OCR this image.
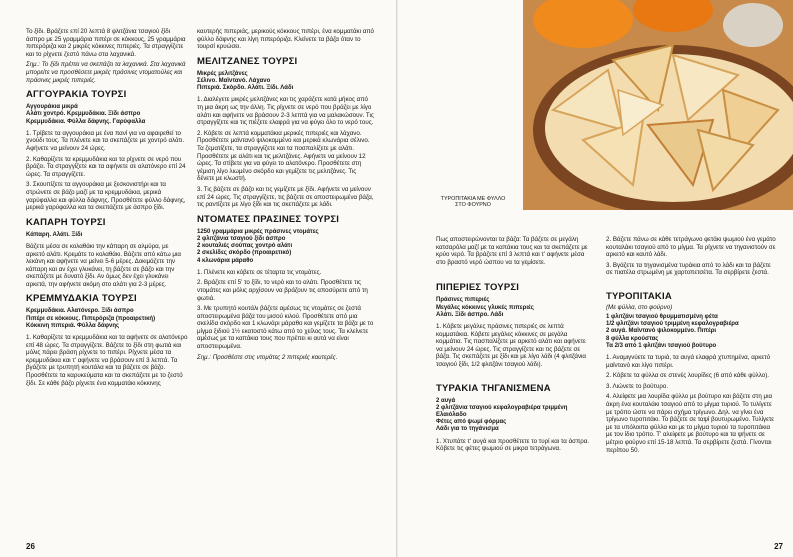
Το ξίδι. Βράζετε επί 20 λεπτά 8 φλιτζάνια τσαγιού ξίδι άσπρο με 25 γραμμάρια πιπέρι σε κόκκους, 25 γραμμάρια πιπερόριζα και 2 μικρές κόκκινες πιπεριές. Τα στραγγίζετε και το ρίχνετε ζεστό πάνω στα λαχανικά.

Σημ.: Το ξίδι πρέπει να σκεπάζει τα λαχανικά. Στα λαχανικά μπορείτε να προσθέσετε μικρές πράσινες ντοματούλες και πράσινες μικρές πιπεριές.

ΑΓΓΟΥΡΑΚΙΑ ΤΟΥΡΣΙ
Αγγουράκια μικρά
Αλάτι χοντρό. Κρεμμυδάκια. Ξίδι άσπρο
Κρεμμυδάκια. Φύλλα δάφνης. Γαρύφαλλα

1. Τρίβετε τα αγγουράκια με ένα πανί για να αφαιρεθεί το χνούδι τους. Τα πλένετε και τα σκεπάζετε με χοντρό αλάτι. Αφήνετε να μείνουν 24 ώρες.

2. Καθαρίζετε τα κρεμμυδάκια και τα ρίχνετε σε νερό που βράζει. Τα στραγγίζετε και τα αφήνετε σε αλατόνερο επί 24 ώρες. Τα στραγγίζετε.

3. Σκουπίζετε τα αγγουράκια με ξεσκονιστήρι και τα στρώνετε σε βάζο μαζί με τα κρεμμυδάκια, μερικά γαρύφαλλα και φύλλα δάφνης. Προσθέτετε φύλλο δάφνης, μερικά γαρύφαλλα και τα σκεπάζετε με άσπρο ξίδι.

ΚΑΠΑΡΗ ΤΟΥΡΣΙ
Κάπαρη. Αλάτι. Ξίδι

Βάζετε μέσα σε κολαθάκι την κάπαρη σε αλμύρα, με αρκετό αλάτι. Κρεμάτε το κολαθάκι. Βάζετε από κάτω μια λεκάνη και αφήνετε να μείνει 5-6 μέρες. Δοκιμάζετε την κάπαρη και αν έχει γλυκάνει, τη βάζετε σε βάζο και την σκεπάζετε με δυνατό ξίδι. Αν όμως δεν έχει γλυκάνει αρκετά, την αφήνετε ακόμη στο αλάτι για 2-3 μέρες.

ΚΡΕΜΜΥΔΑΚΙΑ ΤΟΥΡΣΙ
Κρεμμυδάκια. Αλατόνερο. Ξίδι άσπρο
Πιπέρι σε κόκκους. Πιπερόριζα (προαιρετική)
Κόκκινη πιπεριά. Φύλλα δάφνης

1. Καθαρίζετε τα κρεμμυδάκια και τα αφήνετε σε αλατόνερο επί 48 ώρες. Τα στραγγίζετε. Βάζετε το ξίδι στη φωτιά και μόλις πάρει βράση ρίχνετε το πιπέρι. Ρίχνετε μέσα τα κρεμμυδάκια και τ' αφήνετε να βράσουν επί 3 λεπτά. Τα βγάζετε με τρυπητή κουτάλα και τα βάζετε σε βάζο. Προσθέτετε τα καρυκεύματα και τα σκεπάζετε με το ζεστό ξίδι. Σε κάθε βάζο ρίχνετε ένα κομματάκι κόκκινης

καυτερής πιπεριάς, μερικούς κόκκους πιπέρι, ένα κομματάκι από φύλλο δάφνης και λίγη πιπερόριζα. Κλείνετε τα βάζα όταν το τουρσί κρυώσει.

ΜΕΛΙΤΖΑΝΕΣ ΤΟΥΡΣΙ
Μικρές μελιτζάνες
Σέλινο. Μαϊντανό. Λάχανο
Πιπεριά. Σκόρδο. Αλάτι. Ξίδι. Λάδι

1. Διαλέγετε μικρές μελιτζάνες και τις χαράζετε κατά μήκος από τη μια άκρη ως την άλλη. Τις ρίχνετε σε νερό που βράζει με λίγο αλάτι και αφήνετε να βράσουν 2-3 λεπτά για να μαλακώσουν. Τις στραγγίζετε και τις πιέζετε ελαφρά για να φύγει όλο το νερό τους.

2. Κόβετε σε λεπτά κομματάκια μερικές πιπεριές και λάχανο. Προσθέτετε μαϊντανό ψιλοκομμένο και μερικά κλωνάρια σέλινο. Τα ζεματίζετε, τα στραγγίζετε και τα ποσπαλίζετε με αλάτι. Προσθέτετε με αλάτι και τις μελιτζάνες. Αφήνετε να μείνουν 12 ώρες. Τα στίβετε για να φύγει το αλατόνερο. Προσθέτετε στη γέμιση λίγο λιωμένο σκόρδο και γεμίζετε τις μελιτζάνες. Τις δένετε με κλωστή.

3. Τις βάζετε σε βάζο και τις γεμίζετε με ξίδι. Αφήνετε να μείνουν επί 24 ώρες. Τις στραγγίζετε, τις βάζετε σε αποστειρωμένα βάζα, τις ραντίζετε με λίγο ξίδι και τις σκεπάζετε με λάδι.

ΝΤΟΜΑΤΕΣ ΠΡΑΣΙΝΕΣ ΤΟΥΡΣΙ
1250 γραμμάρια μικρές πράσινες ντομάτες
2 φλιτζάνια τσαγιού ξίδι άσπρο
2 κουταλιές σούπας χοντρό αλάτι
2 σκελίδες σκόρδο (προαιρετικό)
4 κλωνάρια μάραθο

1. Πλένετε και κόβετε σε τέταρτα τις ντομάτες.

2. Βράζετε επί 5' το ξίδι, το νερό και το αλάτι. Προσθέτετε τις ντομάτες και μόλις αρχίσουν να βράζουν τις αποσύρετε από τη φωτιά.

3. Με τρυπητό κουτάλι βάζετε αμέσως τις ντομάτες σε ζεστά αποστειρωμένα βάζα του μισού κιλού. Προσθέτετε από μια σκελίδα σκόρδο και 1 κλωνάρι μάραθο και γεμίζετε τα βάζα με το μίγμα ξιδιού 1½ εκατοστό κάτω από το χείλος τους. Τα κλείνετε αμέσως με τα καπάκια τους που πρέπει κι αυτά να είναι αποστειρωμένα.

Σημ.: Προσθέστε στις ντομάτες 2 πιπεριές καυτερές.

26
ΤΥΡΟΠΙΤΑΚΙΑ ΜΕ ΦΥΛΛΟ
ΣΤΟ ΦΟΥΡΝΟ

Πως αποστειρώνονται τα βάζα: Τα βάζετε σε μεγάλη κατσαρόλα μαζί με τα καπάκια τους και τα σκεπάζετε με κρύο νερό. Τα βράζετε επί 3 λεπτά και τ' αφήνετε μέσα στο βραστό νερό ώσπου να τα γεμίσετε.

ΠΙΠΕΡΙΕΣ ΤΟΥΡΣΙ
Πράσινες πιπεριές
Μεγάλες κόκκινες γλυκές πιπεριές
Αλάτι. Ξίδι άσπρο. Λάδι

1. Κόβετε μεγάλες πράσινες πιπεριές σε λεπτά κομματάκια. Κόβετε μεγάλες κόκκινες σε μεγάλα κομμάτια. Τις πασπαλίζετε με αρκετό αλάτι και αφήνετε να μείνουν 24 ώρες. Τις στραγγίζετε και τις βάζετε σε βάζα. Τις σκεπάζετε με ξίδι και με λίγο λάδι (4 φλιτζάνια τσαγιού ξίδι, 1/2 φλιτζάνι τσαγιού λάδι).

ΤΥΡΑΚΙΑ ΤΗΓΑΝΙΣΜΕΝΑ
2 αυγά
2 φλιτζάνια τσαγιού κεφαλογραβιέρα τριμμένη
Ελαιόλαδο
Φέτες από ψωμί φόρμας
Λάδι για το τηγάνισμα

1. Χτυπάτε τ' αυγά και προσθέτετε το τυρί και τα άσπρα. Κόβετε τις φέτες ψωμιού σε μικρα τετράγωνα.

2. Βάζετε πάνω σε κάθε τετράγωνο φετάκι ψωμιού ένα γεμάτο κουταλάκι τσαγιού από το μίγμα. Τα ρίχνετε να τηγανιστούν σε αρκετό και καυτό λάδι.

3. Βγάζετε τα τηγανισμένα τυράκια από το λάδι και τα βάζετε σε πιατέλα στρωμένη με χαρτοπετσέτα. Τα σερβίρετε ζεστά.

ΤΥΡΟΠΙΤΑΚΙΑ
(Με φύλλα, στο φούρνο)
1 φλιτζάνι τσαγιού θρυμματισμένη φέτα
1/2 φλιτζάνι τσαγιού τριμμένη κεφαλογραβιέρα
2 αυγά. Μαϊντανό ψιλοκομμένο. Πιπέρι
8 φύλλα κρούστας
Τα 2/3 από 1 φλιτζάνι τσαγιού βούτυρο

1. Αναμιγνύετε τα τυριά, τα αυγά ελαφρά χτυπημένα, αρκετό μαϊντανό και λίγο πιπέρι.

2. Κόβετε τα φύλλα σε στενές λουρίδες (6 από κάθε φύλλο).

3. Λιώνετε το βούτυρο.

4. Αλείφετε μια λουρίδα φύλλο με βούτυρο και βάζετε στη μια άκρη ένα κουταλάκι τσαγιού από το μίγμα τυριού. Το τυλίγετε με τρόπο ώστε να πάρει σχήμα τρίγωνο. Δηλ. να γίνει ένα τρίγωνο τυροπιτάκι. Το βάζετε σε ταψί βουτυρωμένο. Τυλίγετε με τα υπόλοιπα φύλλα και με το μίγμα τυριού τα τυροπιτάκια με τον ίδιο τρόπο. Τ' αλείφετε με βούτυρο και τα ψήνετε σε μέτριο φούρνο επί 15-18 λεπτά. Τα σερβίρετε ζεστά. Γίνονται περίπου 50.

27
